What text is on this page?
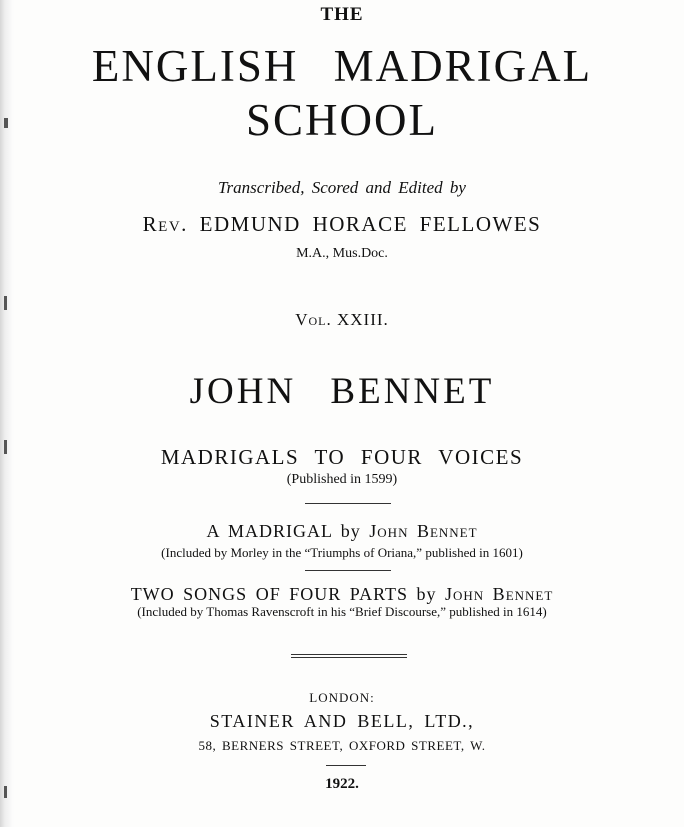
THE
ENGLISH MADRIGAL
SCHOOL
Transcribed, Scored and Edited by
Rev. EDMUND HORACE FELLOWES
M.A., Mus.Doc.
Vol. XXIII.
JOHN BENNET
MADRIGALS TO FOUR VOICES
(Published in 1599)
A MADRIGAL by John Bennet
(Included by Morley in the “Triumphs of Oriana,” published in 1601)
TWO SONGS OF FOUR PARTS by John Bennet
(Included by Thomas Ravenscroft in his “Brief Discourse,” published in 1614)
LONDON:
STAINER AND BELL, LTD.,
58, BERNERS STREET, OXFORD STREET, W.
1922.
